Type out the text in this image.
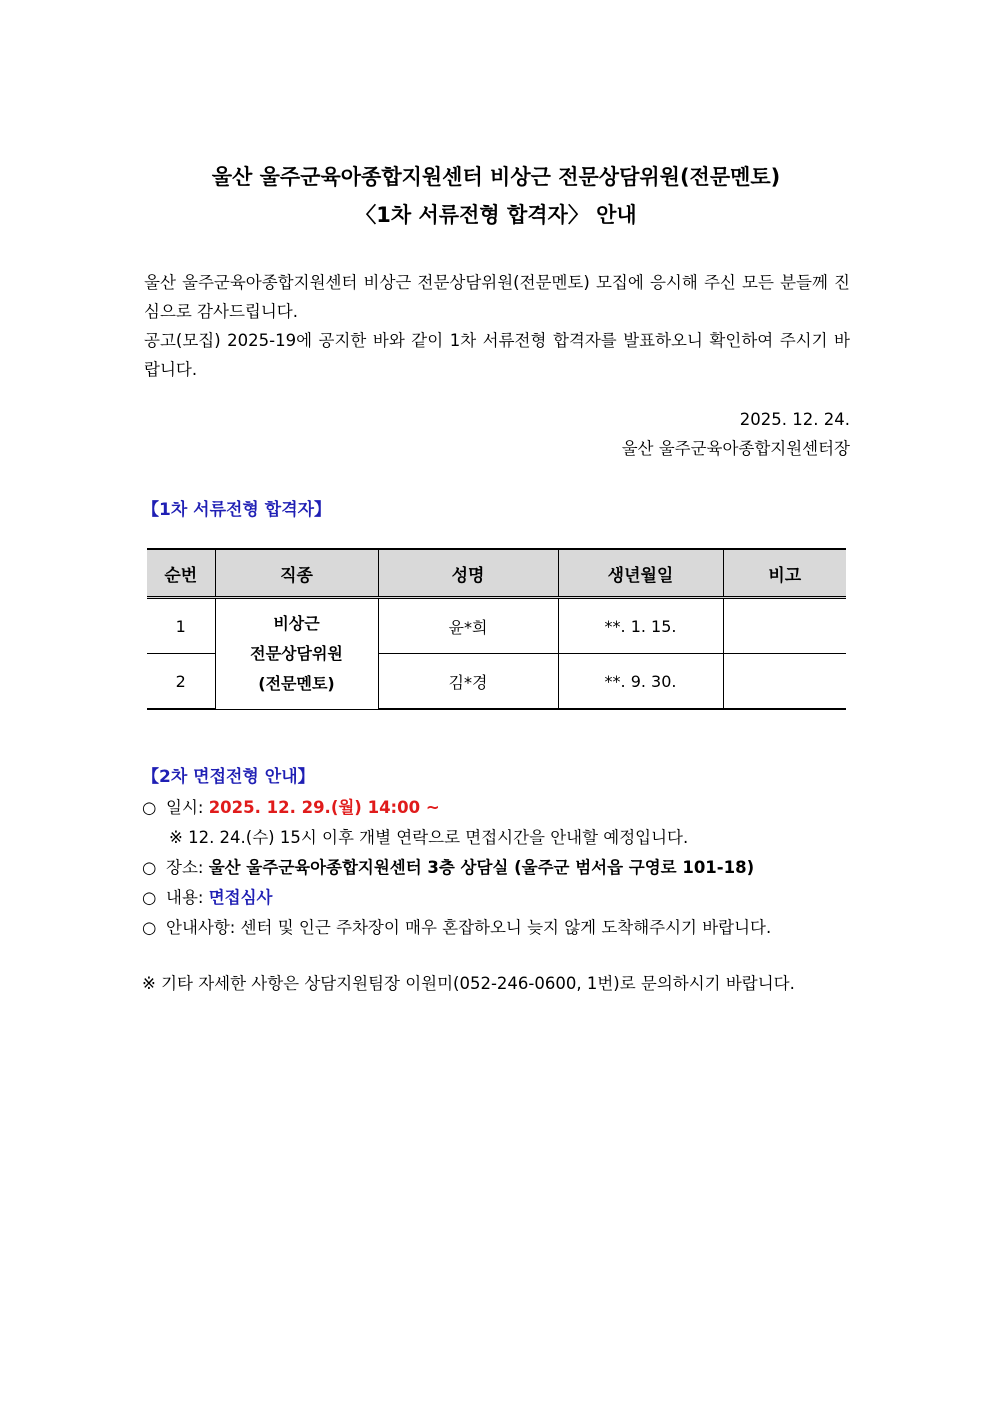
울산 울주군육아종합지원센터 비상근 전문상담위원(전문멘토)
〈1차 서류전형 합격자〉 안내

울산 울주군육아종합지원센터 비상근 전문상담위원(전문멘토) 모집에 응시해 주신 모든 분들께 진심으로 감사드립니다.

공고(모집) 2025-19에 공지한 바와 같이 1차 서류전형 합격자를 발표하오니 확인하여 주시기 바랍니다.

2025. 12. 24.
울산 울주군육아종합지원센터장
【1차 서류전형 합격자】
순번	직종	성명	생년월일	비고
1	비상근
전문상담위원
(전문멘토)	윤*희	**. 1. 15.	
2		김*경	**. 9. 30.	
【2차 면접전형 안내】
○ 일시: 2025. 12. 29.(월) 14:00 ~
※ 12. 24.(수) 15시 이후 개별 연락으로 면접시간을 안내할 예정입니다.
○ 장소: 울산 울주군육아종합지원센터 3층 상담실 (울주군 범서읍 구영로 101-18)
○ 내용: 면접심사
○ 안내사항: 센터 및 인근 주차장이 매우 혼잡하오니 늦지 않게 도착해주시기 바랍니다.
※ 기타 자세한 사항은 상담지원팀장 이원미(052-246-0600, 1번)로 문의하시기 바랍니다.
